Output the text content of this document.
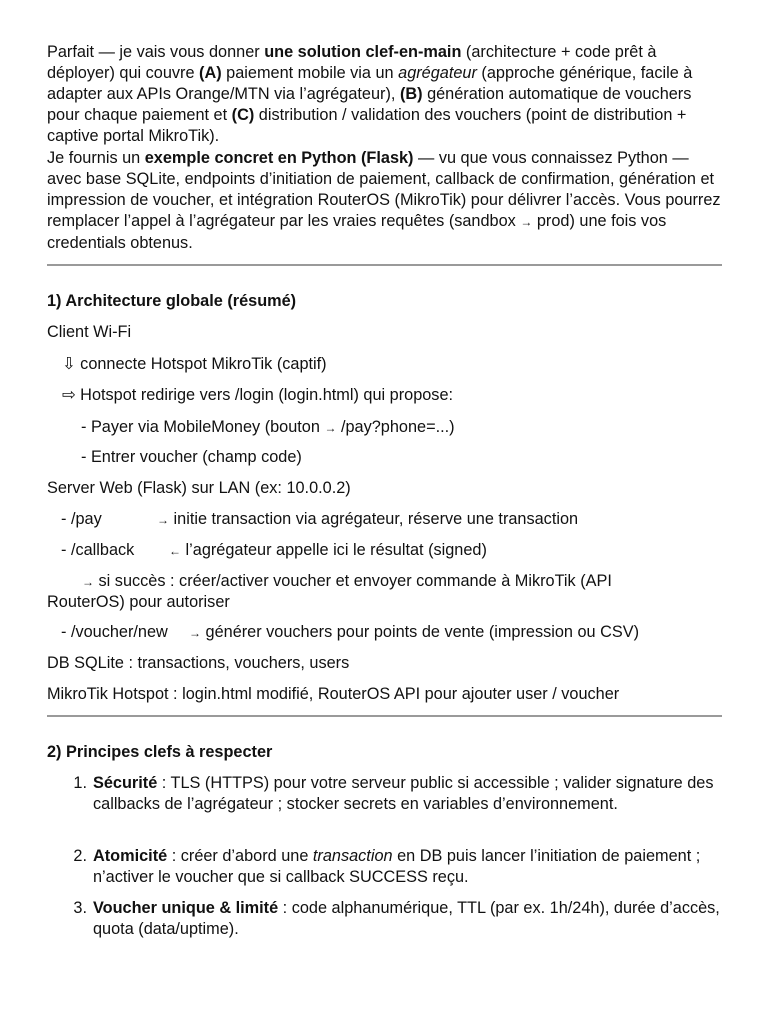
Parfait — je vais vous donner une solution clef-en-main (architecture + code prêt à déployer) qui couvre (A) paiement mobile via un agrégateur (approche générique, facile à adapter aux APIs Orange/MTN via l’agrégateur), (B) génération automatique de vouchers pour chaque paiement et (C) distribution / validation des vouchers (point de distribution + captive portal MikroTik).
Je fournis un exemple concret en Python (Flask) — vu que vous connaissez Python — avec base SQLite, endpoints d’initiation de paiement, callback de confirmation, génération et impression de voucher, et intégration RouterOS (MikroTik) pour délivrer l’accès. Vous pourrez remplacer l’appel à l’agrégateur par les vraies requêtes (sandbox → prod) une fois vos credentials obtenus.
1) Architecture globale (résumé)
Client Wi-Fi
⇩ connecte Hotspot MikroTik (captif)
⇨ Hotspot redirige vers /login (login.html) qui propose:
- Payer via MobileMoney (bouton → /pay?phone=...)
- Entrer voucher (champ code)
Server Web (Flask) sur LAN (ex: 10.0.0.2)
- /pay	→ initie transaction via agrégateur, réserve une transaction
- /callback	← l’agrégateur appelle ici le résultat (signed)
→ si succès : créer/activer voucher et envoyer commande à MikroTik (API
RouterOS) pour autoriser
- /voucher/new → générer vouchers pour points de vente (impression ou CSV)
DB SQLite : transactions, vouchers, users
MikroTik Hotspot : login.html modifié, RouterOS API pour ajouter user / voucher
2) Principes clefs à respecter
1. Sécurité : TLS (HTTPS) pour votre serveur public si accessible ; valider signature des callbacks de l’agrégateur ; stocker secrets en variables d’environnement.
2. Atomicité : créer d’abord une transaction en DB puis lancer l’initiation de paiement ; n’activer le voucher que si callback SUCCESS reçu.
3. Voucher unique & limité : code alphanumérique, TTL (par ex. 1h/24h), durée d’accès, quota (data/uptime).
